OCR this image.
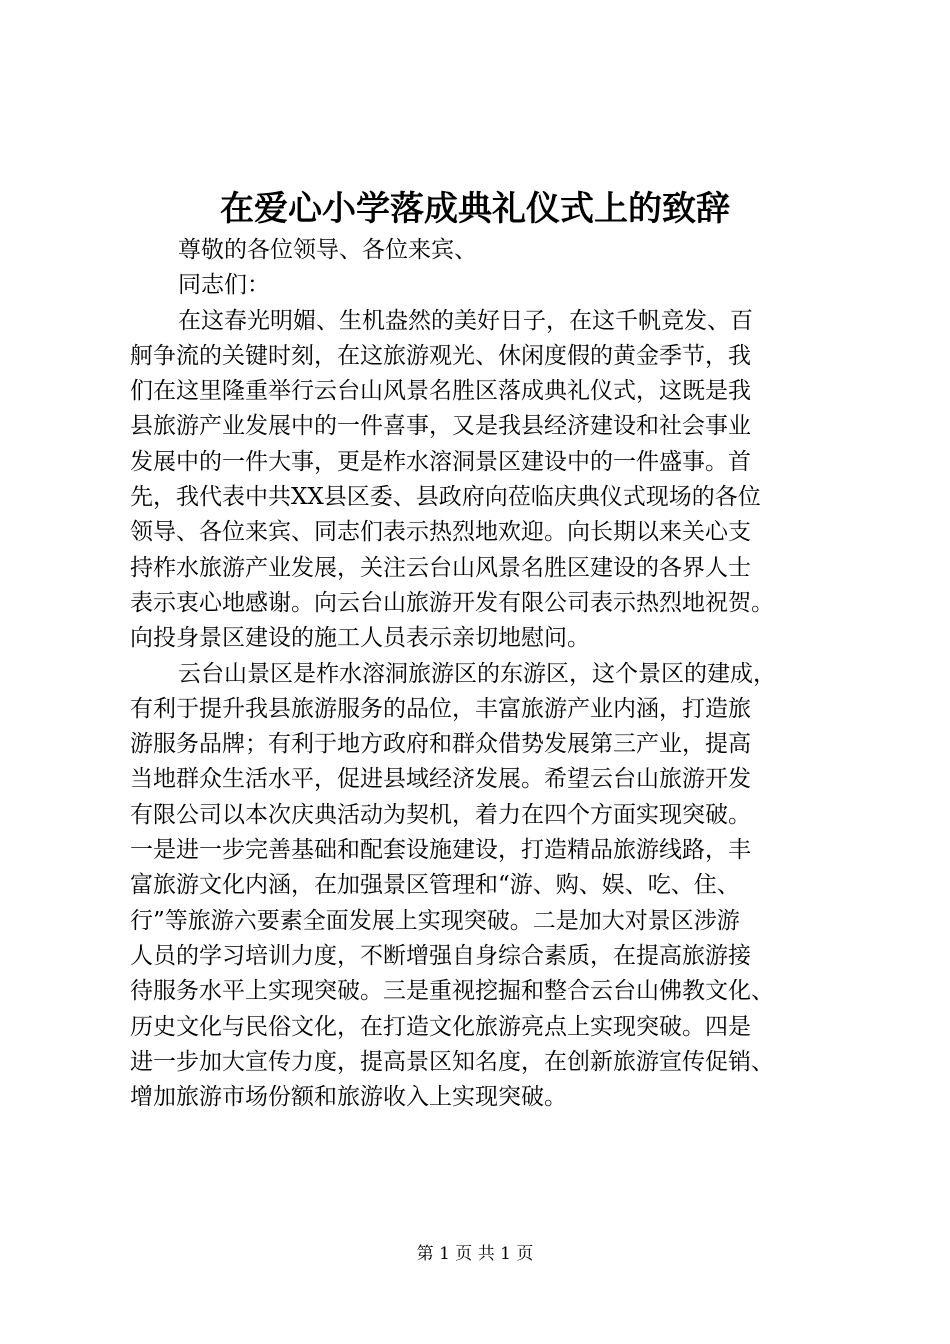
在爱心小学落成典礼仪式上的致辞
尊敬的各位领导、各位来宾、
同志们：
在这春光明媚、生机盎然的美好日子，在这千帆竞发、百
舸争流的关键时刻，在这旅游观光、休闲度假的黄金季节，我
们在这里隆重举行云台山风景名胜区落成典礼仪式，这既是我
县旅游产业发展中的一件喜事，又是我县经济建设和社会事业
发展中的一件大事，更是柞水溶洞景区建设中的一件盛事。首
先，我代表中共XX县区委、县政府向莅临庆典仪式现场的各位
领导、各位来宾、同志们表示热烈地欢迎。向长期以来关心支
持柞水旅游产业发展，关注云台山风景名胜区建设的各界人士
表示衷心地感谢。向云台山旅游开发有限公司表示热烈地祝贺。
向投身景区建设的施工人员表示亲切地慰问。
云台山景区是柞水溶洞旅游区的东游区，这个景区的建成，
有利于提升我县旅游服务的品位，丰富旅游产业内涵，打造旅
游服务品牌；有利于地方政府和群众借势发展第三产业，提高
当地群众生活水平，促进县域经济发展。希望云台山旅游开发
有限公司以本次庆典活动为契机，着力在四个方面实现突破。
一是进一步完善基础和配套设施建设，打造精品旅游线路，丰
富旅游文化内涵，在加强景区管理和“游、购、娱、吃、住、
行”等旅游六要素全面发展上实现突破。二是加大对景区涉游
人员的学习培训力度，不断增强自身综合素质，在提高旅游接
待服务水平上实现突破。三是重视挖掘和整合云台山佛教文化、
历史文化与民俗文化，在打造文化旅游亮点上实现突破。四是
进一步加大宣传力度，提高景区知名度，在创新旅游宣传促销、
增加旅游市场份额和旅游收入上实现突破。
第 1 页 共 1 页
